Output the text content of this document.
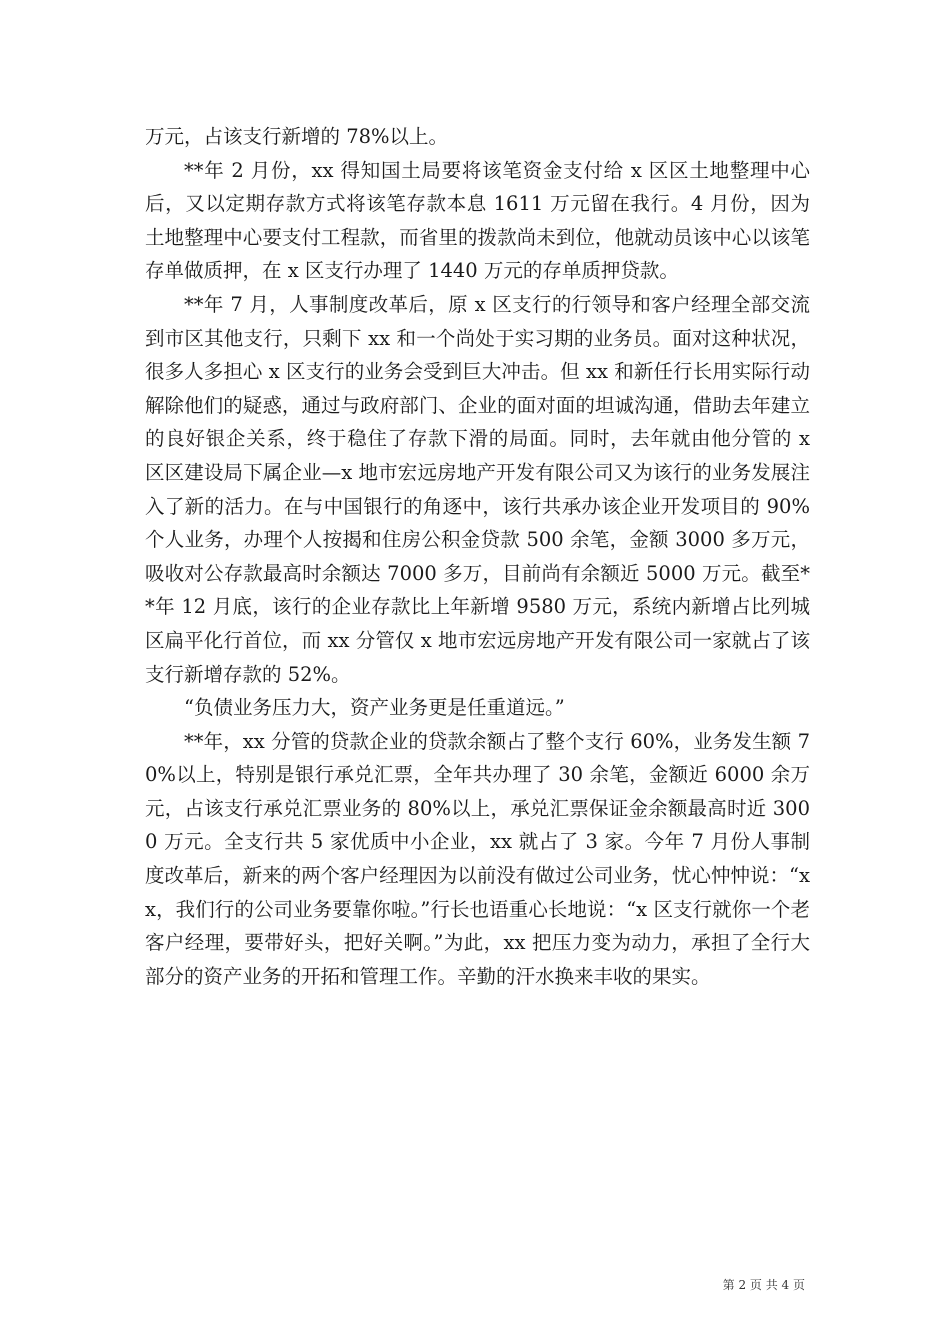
万元，占该支行新增的 78%以上。

**年 2 月份，xx 得知国土局要将该笔资金支付给 x 区区土地整理中心后，又以定期存款方式将该笔存款本息 1611 万元留在我行。4 月份，因为土地整理中心要支付工程款，而省里的拨款尚未到位，他就动员该中心以该笔存单做质押，在 x 区支行办理了 1440 万元的存单质押贷款。

**年 7 月，人事制度改革后，原 x 区支行的行领导和客户经理全部交流到市区其他支行，只剩下 xx 和一个尚处于实习期的业务员。面对这种状况，很多人多担心 x 区支行的业务会受到巨大冲击。但 xx 和新任行长用实际行动解除他们的疑惑，通过与政府部门、企业的面对面的坦诚沟通，借助去年建立的良好银企关系，终于稳住了存款下滑的局面。同时，去年就由他分管的 x 区区建设局下属企业—x 地市宏远房地产开发有限公司又为该行的业务发展注入了新的活力。在与中国银行的角逐中，该行共承办该企业开发项目的 90%个人业务，办理个人按揭和住房公积金贷款 500 余笔，金额 3000 多万元，吸收对公存款最高时余额达 7000 多万，目前尚有余额近 5000 万元。截至**年 12 月底，该行的企业存款比上年新增 9580 万元，系统内新增占比列城区扁平化行首位，而 xx 分管仅 x 地市宏远房地产开发有限公司一家就占了该支行新增存款的 52%。

“负债业务压力大，资产业务更是任重道远。”

**年，xx 分管的贷款企业的贷款余额占了整个支行 60%，业务发生额 70%以上，特别是银行承兑汇票，全年共办理了 30 余笔，金额近 6000 余万元，占该支行承兑汇票业务的 80%以上，承兑汇票保证金余额最高时近 3000 万元。全支行共 5 家优质中小企业，xx 就占了 3 家。今年 7 月份人事制度改革后，新来的两个客户经理因为以前没有做过公司业务，忧心忡忡说：“xx，我们行的公司业务要靠你啦。”行长也语重心长地说：“x 区支行就你一个老客户经理，要带好头，把好关啊。”为此，xx 把压力变为动力，承担了全行大部分的资产业务的开拓和管理工作。辛勤的汗水换来丰收的果实。

第 2 页 共 4 页
